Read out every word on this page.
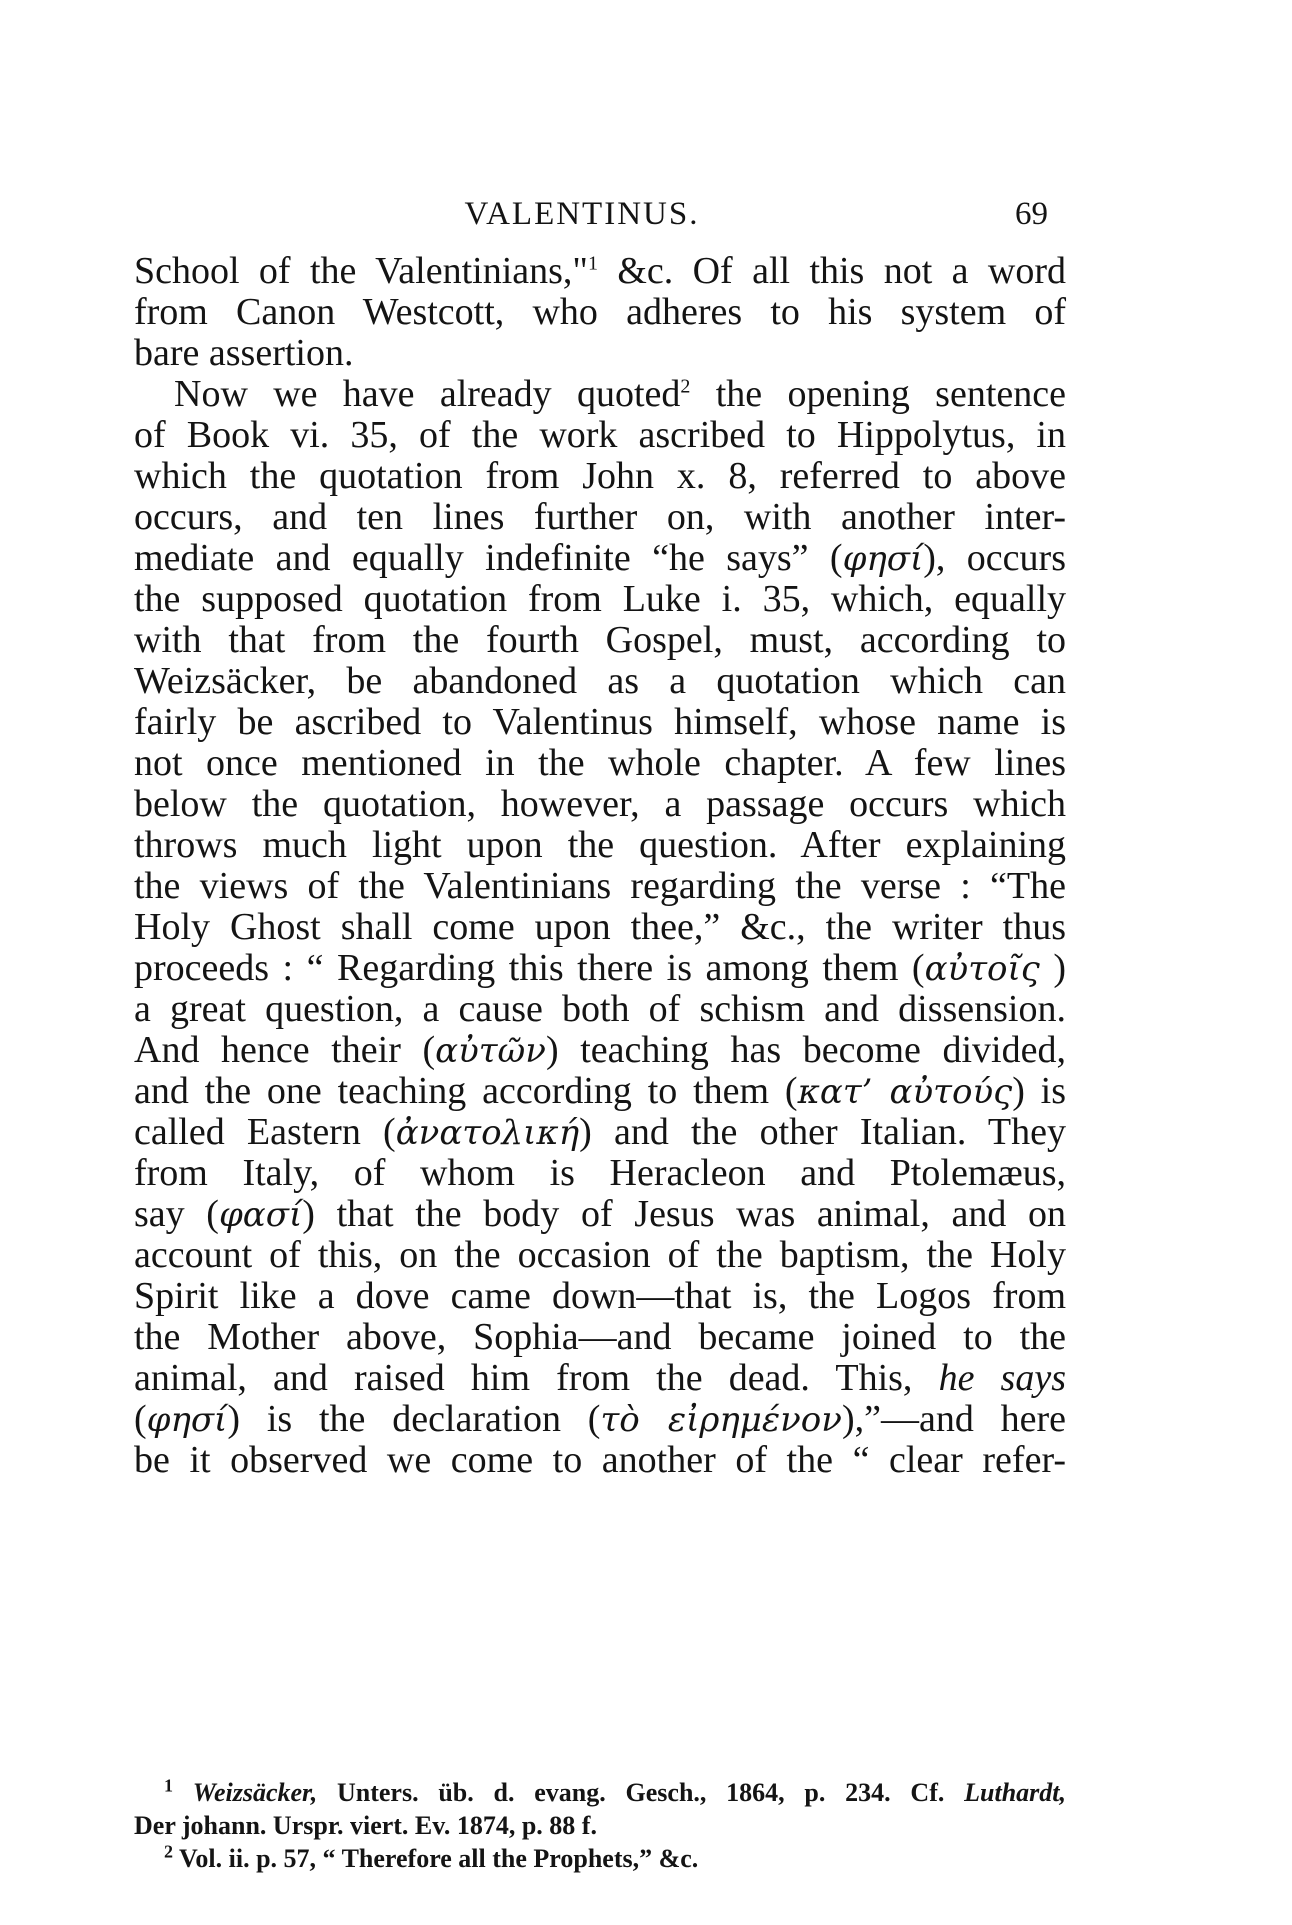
VALENTINUS.	69
School of the Valentinians,"$^1$ &c. Of all this not a word
from Canon Westcott, who adheres to his system of
bare assertion.
Now we have already quoted$^2$ the opening sentence
of Book vi. 35, of the work ascribed to Hippolytus, in
which the quotation from John x. 8, referred to above
occurs, and ten lines further on, with another inter-
mediate and equally indefinite “he says” (φησί), occurs
the supposed quotation from Luke i. 35, which, equally
with that from the fourth Gospel, must, according to
Weizsäcker, be abandoned as a quotation which can
fairly be ascribed to Valentinus himself, whose name is
not once mentioned in the whole chapter. A few lines
below the quotation, however, a passage occurs which
throws much light upon the question. After explaining
the views of the Valentinians regarding the verse : “The
Holy Ghost shall come upon thee,” &c., the writer thus
proceeds : “ Regarding this there is among them (αὐτοῖς )
a great question, a cause both of schism and dissension.
And hence their (αὐτῶν) teaching has become divided,
and the one teaching according to them (κατ’ αὐτούς) is
called Eastern (ἀνατολική) and the other Italian. They
from Italy, of whom is Heracleon and Ptolemæus,
say (φασί) that the body of Jesus was animal, and on
account of this, on the occasion of the baptism, the Holy
Spirit like a dove came down—that is, the Logos from
the Mother above, Sophia—and became joined to the
animal, and raised him from the dead. This, he says
(φησί) is the declaration (τὸ εἰρημένον),”—and here
be it observed we come to another of the “ clear refer-
$^1$ Weizsäcker, Unters. üb. d. evang. Gesch., 1864, p. 234. Cf. Luthardt,
Der johann. Urspr. viert. Ev. 1874, p. 88 f.
$^2$ Vol. ii. p. 57, “ Therefore all the Prophets,” &c.
